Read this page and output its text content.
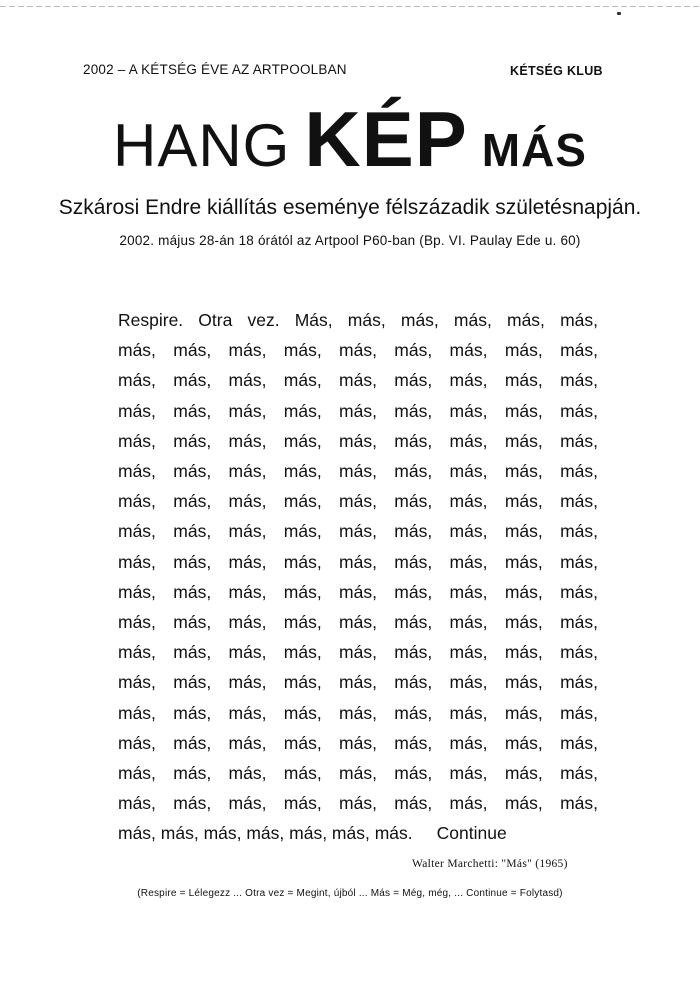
2002 – A KÉTSÉG ÉVE AZ ARTPOOLBAN	KÉTSÉG KLUB
HANG KÉP MÁS
Szkárosi Endre kiállítás eseménye félszázadik születésnapján.
2002. május 28-án 18 órától az Artpool P60-ban (Bp. VI. Paulay Ede u. 60)
Respire. Otra vez. Más, más, más, más, más, más,
más, más, más, más, más, más, más, más, más,
más, más, más, más, más, más, más, más, más,
más, más, más, más, más, más, más, más, más,
más, más, más, más, más, más, más, más, más,
más, más, más, más, más, más, más, más, más,
más, más, más, más, más, más, más, más, más,
más, más, más, más, más, más, más, más, más,
más, más, más, más, más, más, más, más, más,
más, más, más, más, más, más, más, más, más,
más, más, más, más, más, más, más, más, más,
más, más, más, más, más, más, más, más, más,
más, más, más, más, más, más, más, más, más,
más, más, más, más, más, más, más, más, más,
más, más, más, más, más, más, más, más, más,
más, más, más, más, más, más, más, más, más,
más, más, más, más, más, más, más, más, más,
más, más, más, más, más, más, más. Continue
Walter Marchetti: "Más" (1965)
(Respire = Lélegezz ... Otra vez = Megint, újból ... Más = Még, még, ... Continue = Folytasd)
